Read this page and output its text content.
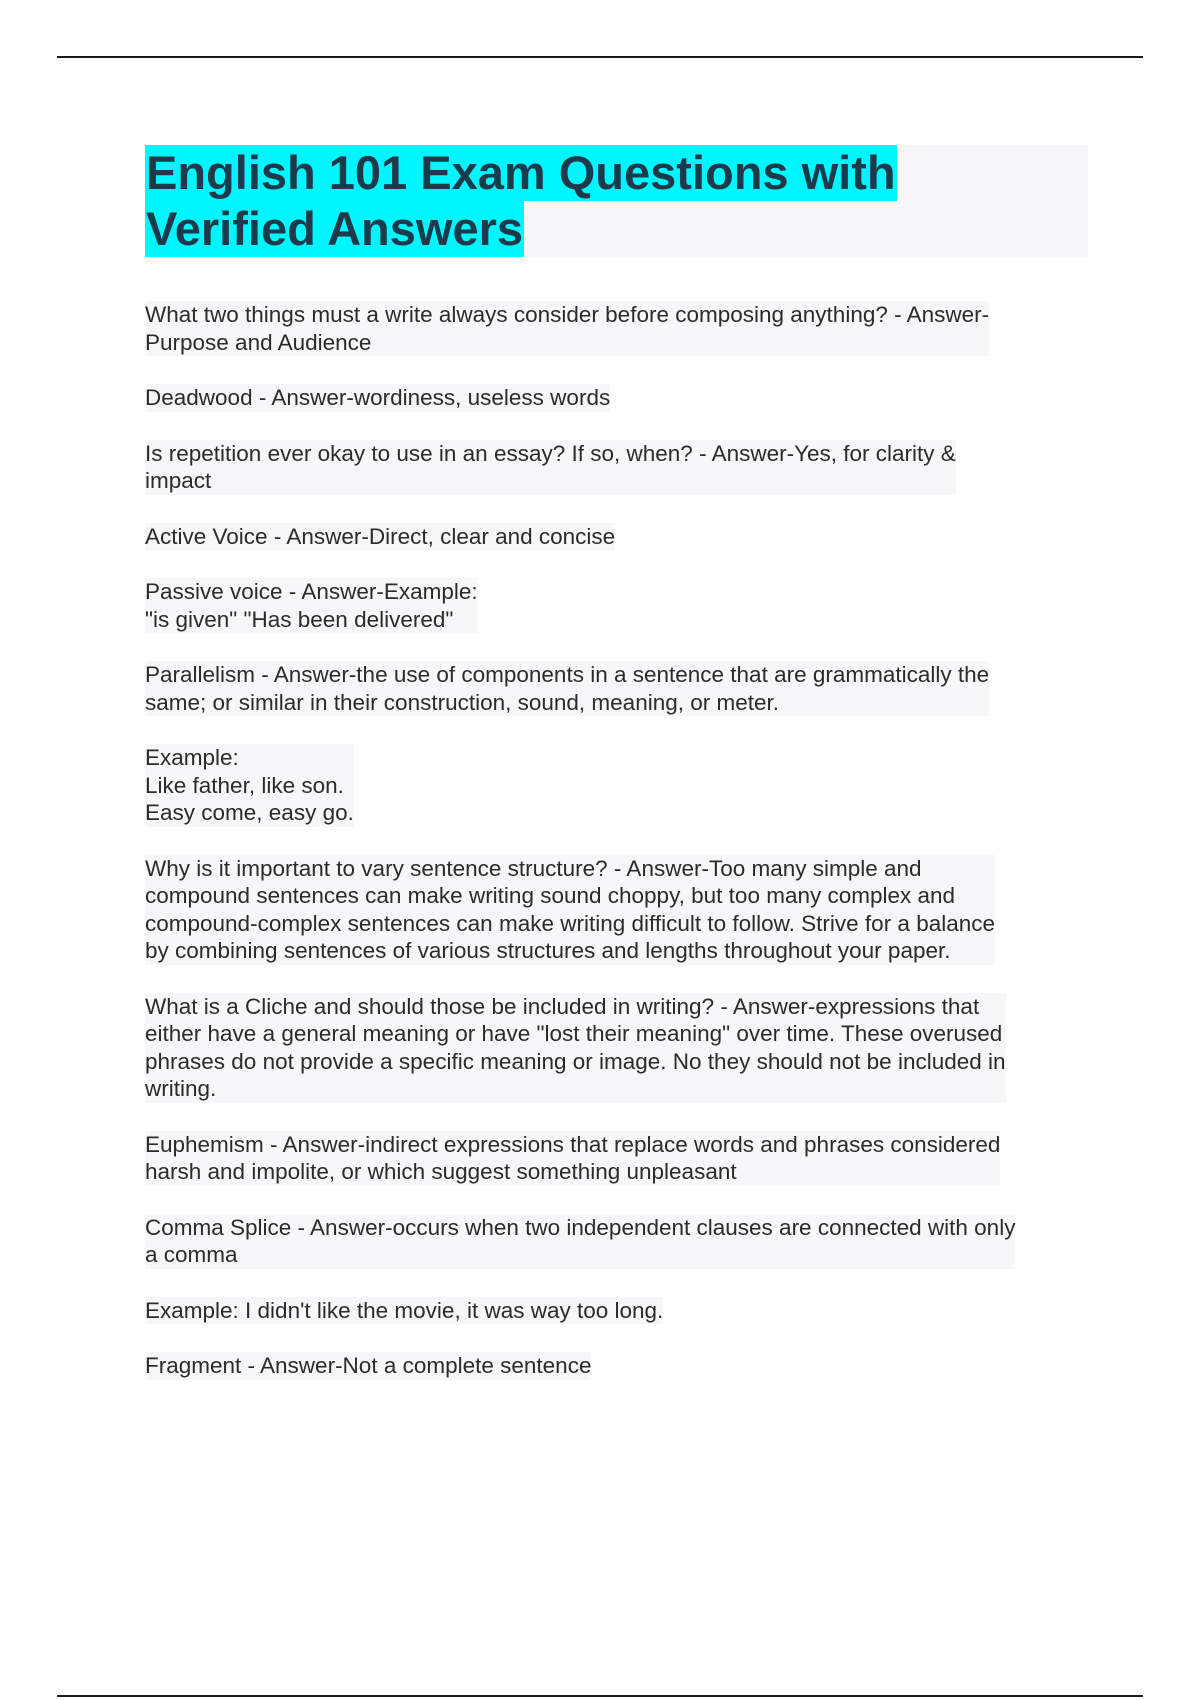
English 101 Exam Questions with
Verified Answers
What two things must a write always consider before composing anything? - Answer-
Purpose and Audience
Deadwood - Answer-wordiness, useless words
Is repetition ever okay to use in an essay? If so, when? - Answer-Yes, for clarity &
impact
Active Voice - Answer-Direct, clear and concise
Passive voice - Answer-Example:
"is given" "Has been delivered"
Parallelism - Answer-the use of components in a sentence that are grammatically the
same; or similar in their construction, sound, meaning, or meter.
Example:
Like father, like son.
Easy come, easy go.
Why is it important to vary sentence structure? - Answer-Too many simple and
compound sentences can make writing sound choppy, but too many complex and
compound-complex sentences can make writing difficult to follow. Strive for a balance
by combining sentences of various structures and lengths throughout your paper.
What is a Cliche and should those be included in writing? - Answer-expressions that
either have a general meaning or have "lost their meaning" over time. These overused
phrases do not provide a specific meaning or image. No they should not be included in
writing.
Euphemism - Answer-indirect expressions that replace words and phrases considered
harsh and impolite, or which suggest something unpleasant
Comma Splice - Answer-occurs when two independent clauses are connected with only
a comma
Example: I didn't like the movie, it was way too long.
Fragment - Answer-Not a complete sentence
